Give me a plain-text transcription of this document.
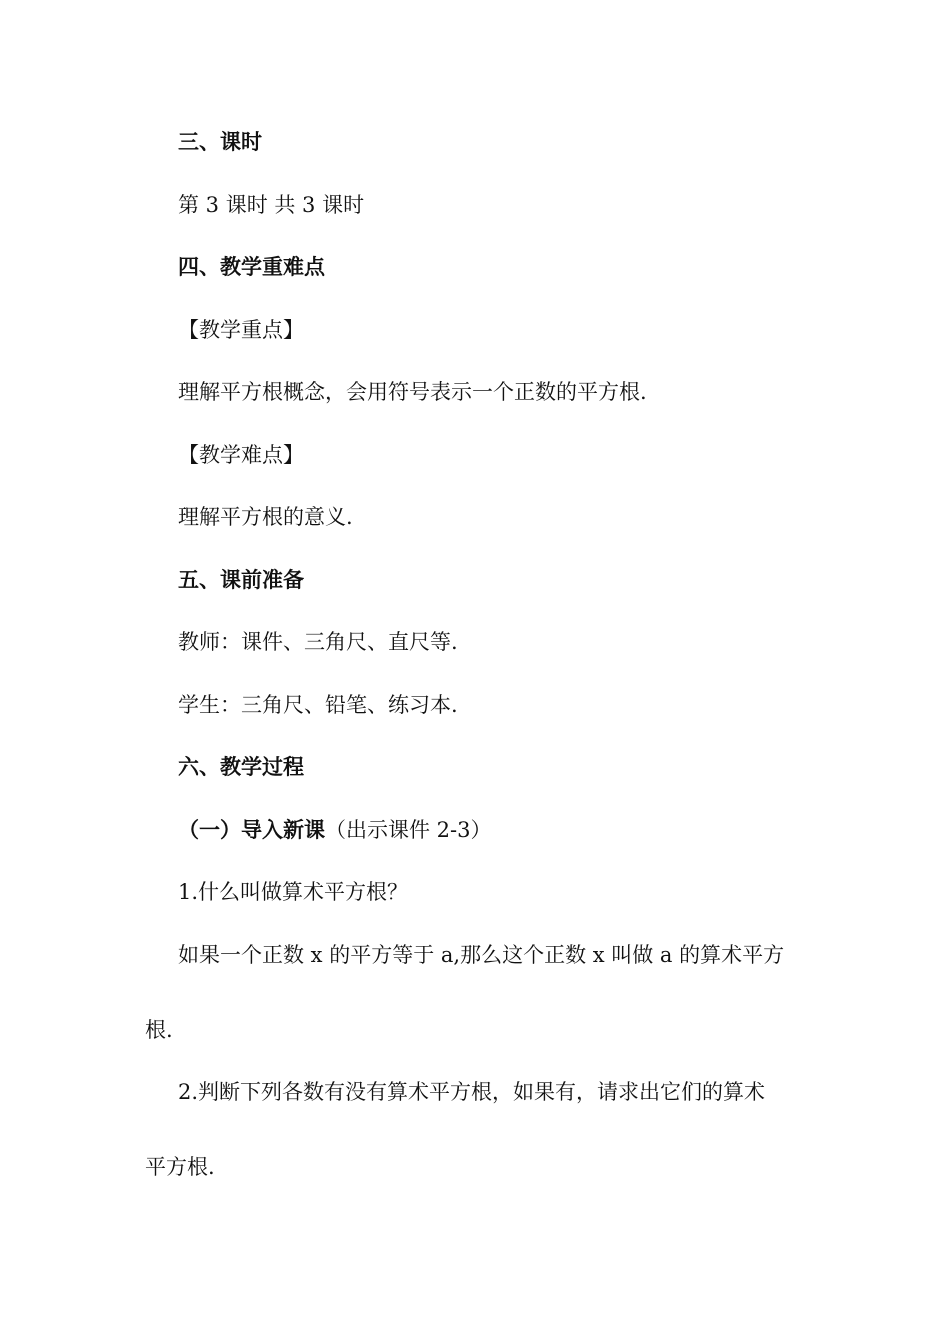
三、课时
第 3 课时 共 3 课时
四、教学重难点
【教学重点】
理解平方根概念，会用符号表示一个正数的平方根.
【教学难点】
理解平方根的意义.
五、课前准备
教师：课件、三角尺、直尺等.
学生：三角尺、铅笔、练习本.
六、教学过程
（一）导入新课（出示课件 2-3）
1.什么叫做算术平方根？
如果一个正数 x 的平方等于 a,那么这个正数 x 叫做 a 的算术平方
根.
2.判断下列各数有没有算术平方根，如果有，请求出它们的算术
平方根.
